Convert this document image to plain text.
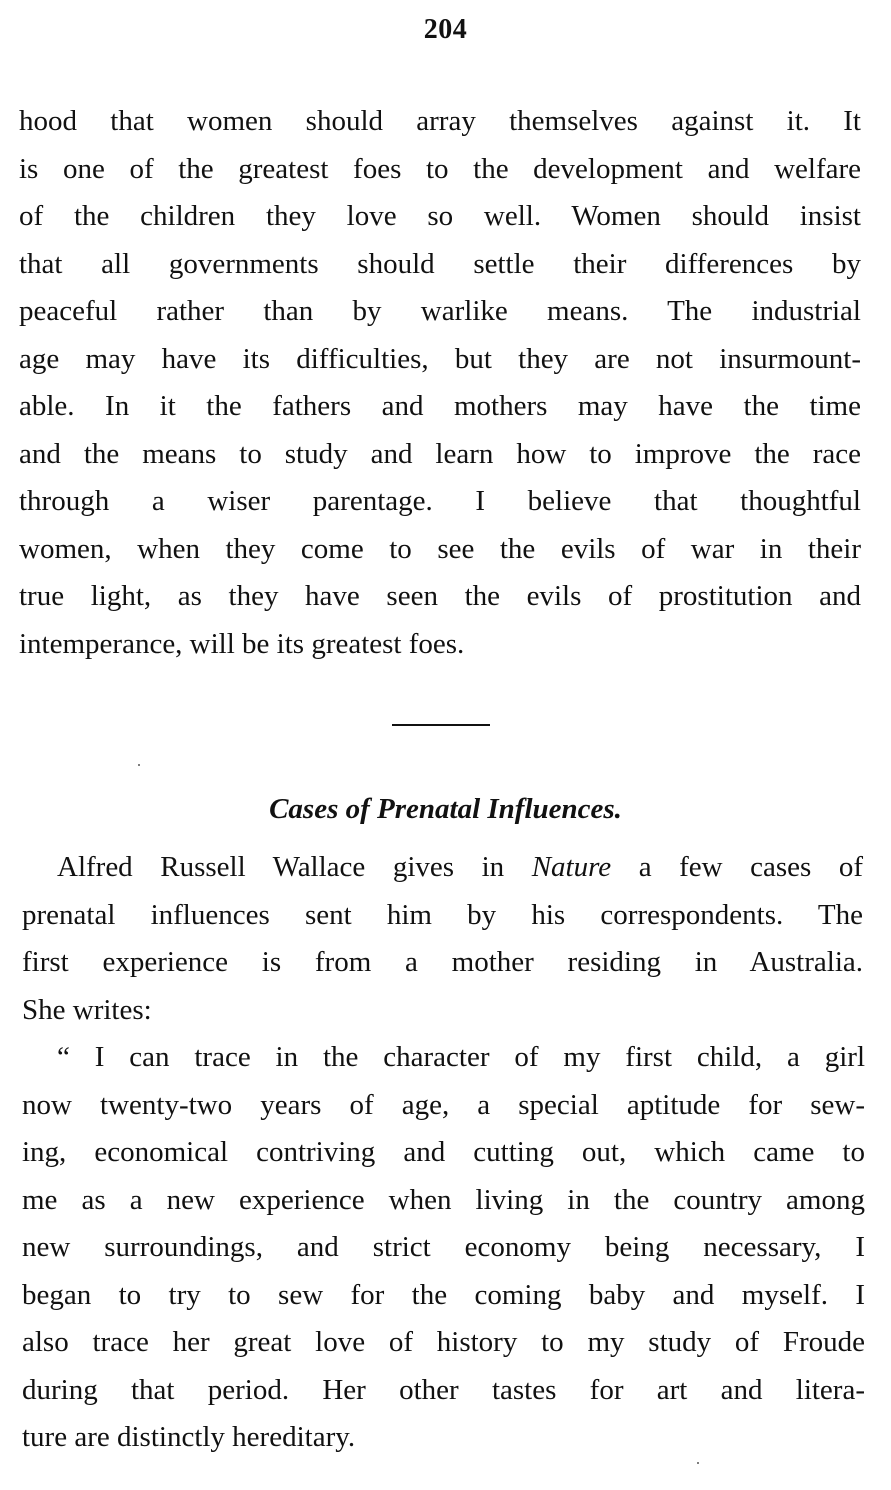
204
hood that women should array themselves against it. It
is one of the greatest foes to the development and welfare
of the children they love so well. Women should insist
that all governments should settle their differences by
peaceful rather than by warlike means. The industrial
age may have its difficulties, but they are not insurmount-
able. In it the fathers and mothers may have the time
and the means to study and learn how to improve the race
through a wiser parentage. I believe that thoughtful
women, when they come to see the evils of war in their
true light, as they have seen the evils of prostitution and
intemperance, will be its greatest foes.
Cases of Prenatal Influences.
Alfred Russell Wallace gives in Nature a few cases of
prenatal influences sent him by his correspondents. The
first experience is from a mother residing in Australia.
She writes:
“ I can trace in the character of my first child, a girl
now twenty-two years of age, a special aptitude for sew-
ing, economical contriving and cutting out, which came to
me as a new experience when living in the country among
new surroundings, and strict economy being necessary, I
began to try to sew for the coming baby and myself. I
also trace her great love of history to my study of Froude
during that period. Her other tastes for art and litera-
ture are distinctly hereditary.
